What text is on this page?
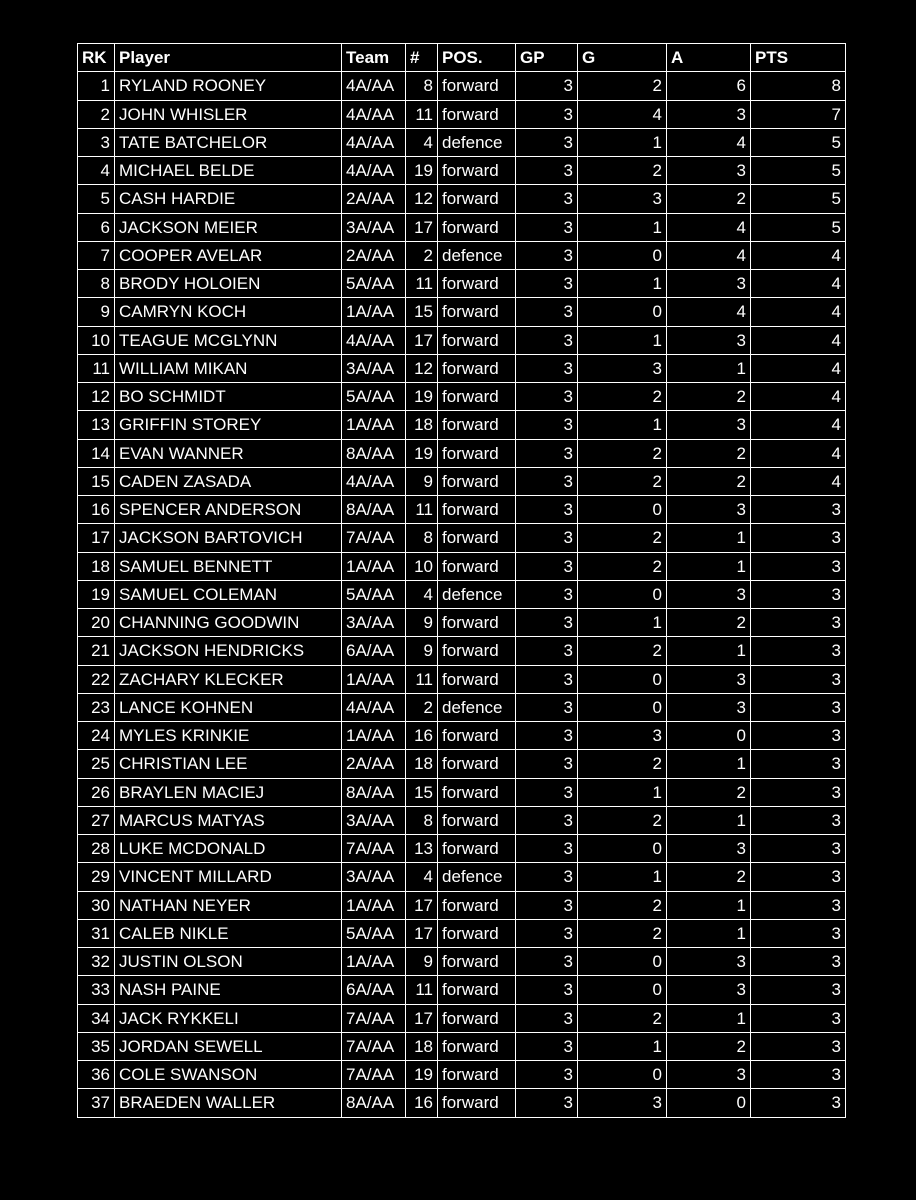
RK	Player	Team	#	POS.	GP	G	A	PTS
1	RYLAND ROONEY	4A/AA	8	forward	3	2	6	8
2	JOHN WHISLER	4A/AA	11	forward	3	4	3	7
3	TATE BATCHELOR	4A/AA	4	defence	3	1	4	5
4	MICHAEL BELDE	4A/AA	19	forward	3	2	3	5
5	CASH HARDIE	2A/AA	12	forward	3	3	2	5
6	JACKSON MEIER	3A/AA	17	forward	3	1	4	5
7	COOPER AVELAR	2A/AA	2	defence	3	0	4	4
8	BRODY HOLOIEN	5A/AA	11	forward	3	1	3	4
9	CAMRYN KOCH	1A/AA	15	forward	3	0	4	4
10	TEAGUE MCGLYNN	4A/AA	17	forward	3	1	3	4
11	WILLIAM MIKAN	3A/AA	12	forward	3	3	1	4
12	BO SCHMIDT	5A/AA	19	forward	3	2	2	4
13	GRIFFIN STOREY	1A/AA	18	forward	3	1	3	4
14	EVAN WANNER	8A/AA	19	forward	3	2	2	4
15	CADEN ZASADA	4A/AA	9	forward	3	2	2	4
16	SPENCER ANDERSON	8A/AA	11	forward	3	0	3	3
17	JACKSON BARTOVICH	7A/AA	8	forward	3	2	1	3
18	SAMUEL BENNETT	1A/AA	10	forward	3	2	1	3
19	SAMUEL COLEMAN	5A/AA	4	defence	3	0	3	3
20	CHANNING GOODWIN	3A/AA	9	forward	3	1	2	3
21	JACKSON HENDRICKS	6A/AA	9	forward	3	2	1	3
22	ZACHARY KLECKER	1A/AA	11	forward	3	0	3	3
23	LANCE KOHNEN	4A/AA	2	defence	3	0	3	3
24	MYLES KRINKIE	1A/AA	16	forward	3	3	0	3
25	CHRISTIAN LEE	2A/AA	18	forward	3	2	1	3
26	BRAYLEN MACIEJ	8A/AA	15	forward	3	1	2	3
27	MARCUS MATYAS	3A/AA	8	forward	3	2	1	3
28	LUKE MCDONALD	7A/AA	13	forward	3	0	3	3
29	VINCENT MILLARD	3A/AA	4	defence	3	1	2	3
30	NATHAN NEYER	1A/AA	17	forward	3	2	1	3
31	CALEB NIKLE	5A/AA	17	forward	3	2	1	3
32	JUSTIN OLSON	1A/AA	9	forward	3	0	3	3
33	NASH PAINE	6A/AA	11	forward	3	0	3	3
34	JACK RYKKELI	7A/AA	17	forward	3	2	1	3
35	JORDAN SEWELL	7A/AA	18	forward	3	1	2	3
36	COLE SWANSON	7A/AA	19	forward	3	0	3	3
37	BRAEDEN WALLER	8A/AA	16	forward	3	3	0	3
